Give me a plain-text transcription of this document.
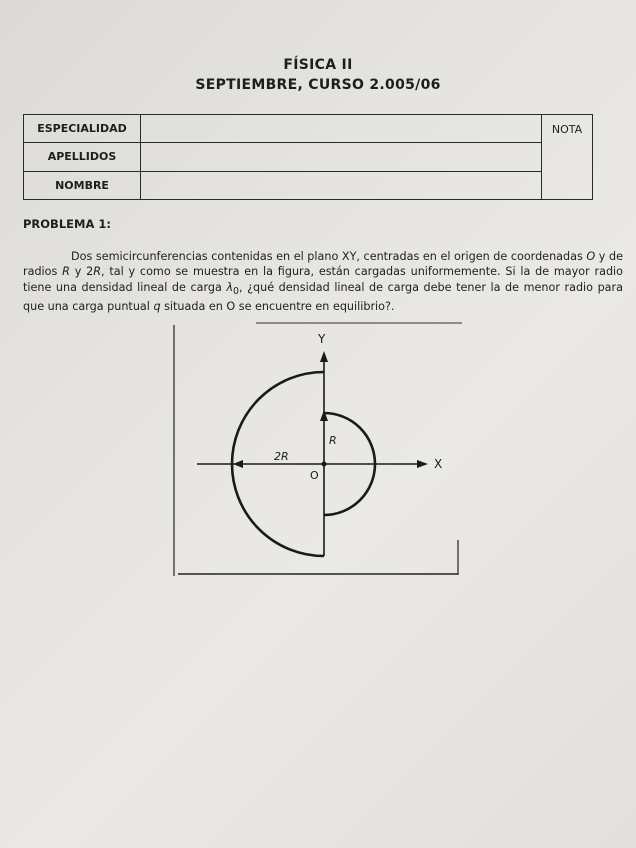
FÍSICA II
SEPTIEMBRE, CURSO 2.005/06
ESPECIALIDAD		NOTA
APELLIDOS		
NOMBRE		
PROBLEMA 1:
Dos semicircunferencias contenidas en el plano XY, centradas en el origen de coordenadas O y de radios R y 2R, tal y como se muestra en la figura, están cargadas uniformemente. Si la de mayor radio tiene una densidad lineal de carga $\lambda_0$, ¿qué densidad lineal de carga debe tener la de menor radio para que una carga puntual q situada en O se encuentre en equilibrio?.
Y
X
2R
R
O
